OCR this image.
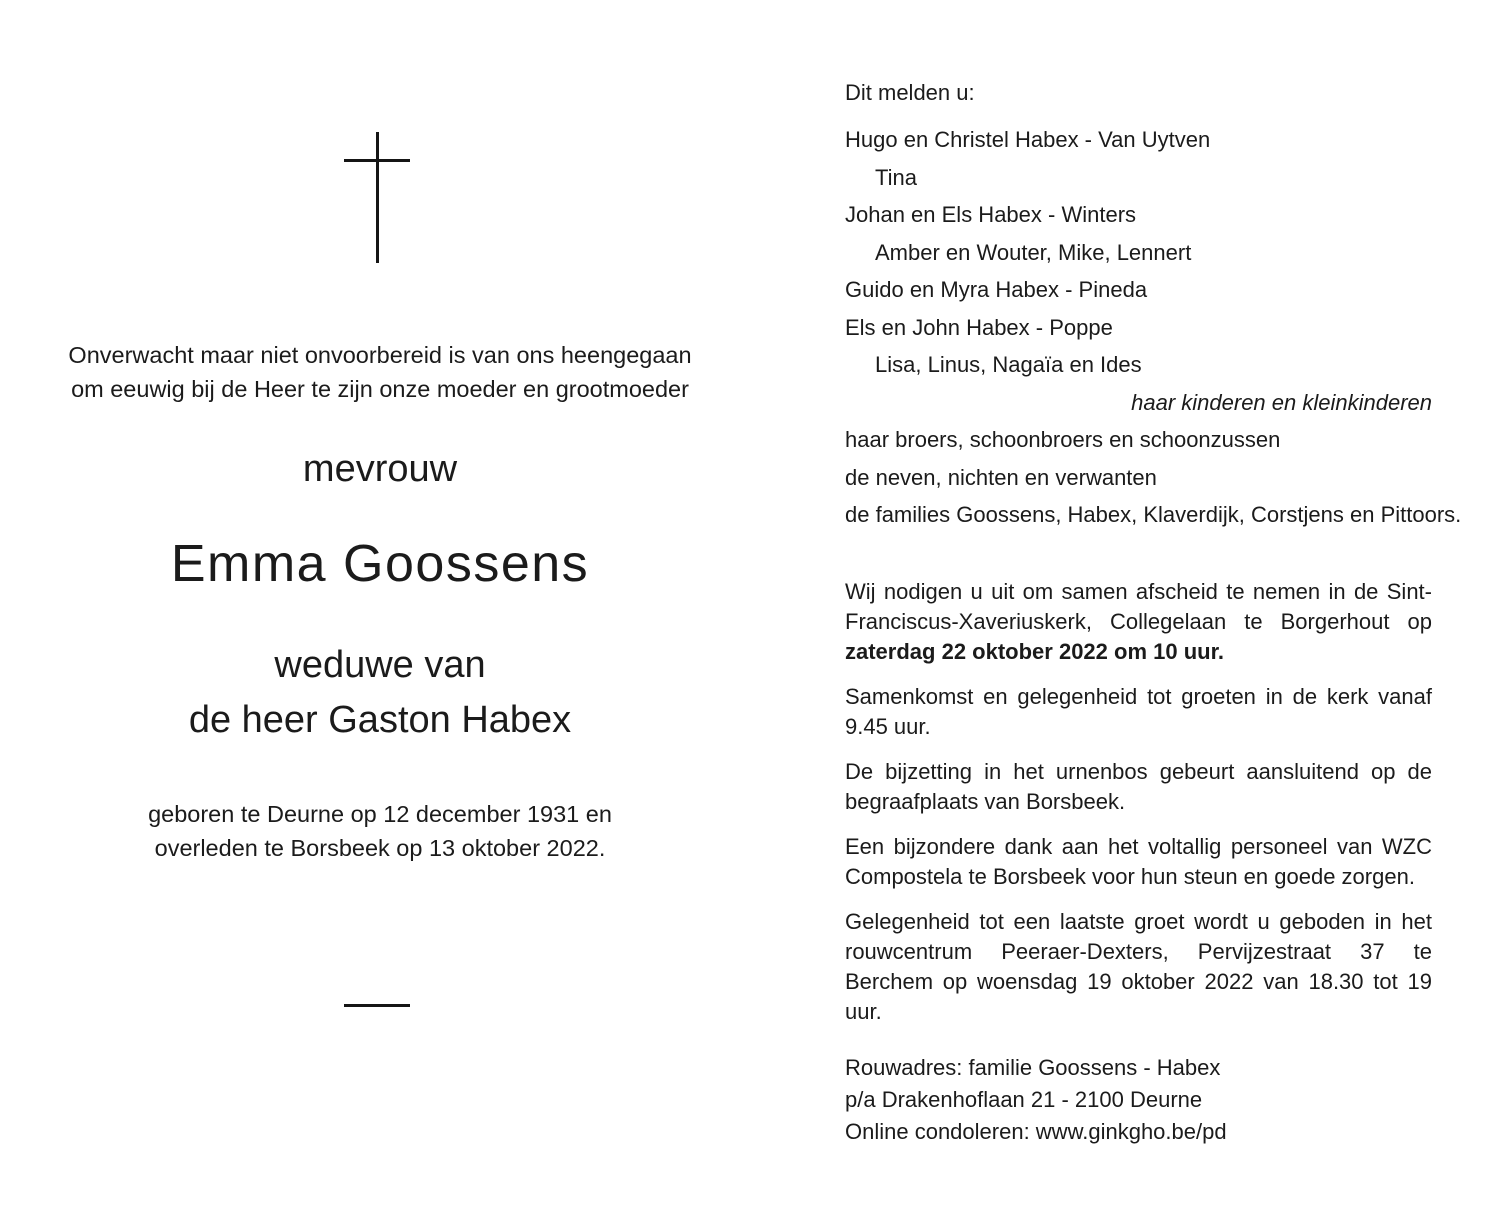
Onverwacht maar niet onvoorbereid is van ons heengegaan
om eeuwig bij de Heer te zijn onze moeder en grootmoeder
mevrouw
Emma Goossens
weduwe van
de heer Gaston Habex
geboren te Deurne op 12 december 1931 en
overleden te Borsbeek op 13 oktober 2022.
Dit melden u:
Hugo en Christel Habex - Van Uytven
Tina
Johan en Els Habex - Winters
Amber en Wouter, Mike, Lennert
Guido en Myra Habex - Pineda
Els en John Habex - Poppe
Lisa, Linus, Nagaïa en Ides
haar kinderen en kleinkinderen
haar broers, schoonbroers en schoonzussen
de neven, nichten en verwanten
de families Goossens, Habex, Klaverdijk, Corstjens en Pittoors.

Wij nodigen u uit om samen afscheid te nemen in de Sint-Franciscus-Xaveriuskerk, Collegelaan te Borgerhout op zaterdag 22 oktober 2022 om 10 uur.

Samenkomst en gelegenheid tot groeten in de kerk vanaf 9.45 uur.

De bijzetting in het urnenbos gebeurt aansluitend op de begraafplaats van Borsbeek.

Een bijzondere dank aan het voltallig personeel van WZC Compostela te Borsbeek voor hun steun en goede zorgen.

Gelegenheid tot een laatste groet wordt u geboden in het rouwcentrum Peeraer-Dexters, Pervijzestraat 37 te Berchem op woensdag 19 oktober 2022 van 18.30 tot 19 uur.

Rouwadres: familie Goossens - Habex
p/a Drakenhoflaan 21 - 2100 Deurne
Online condoleren: www.ginkgho.be/pd
